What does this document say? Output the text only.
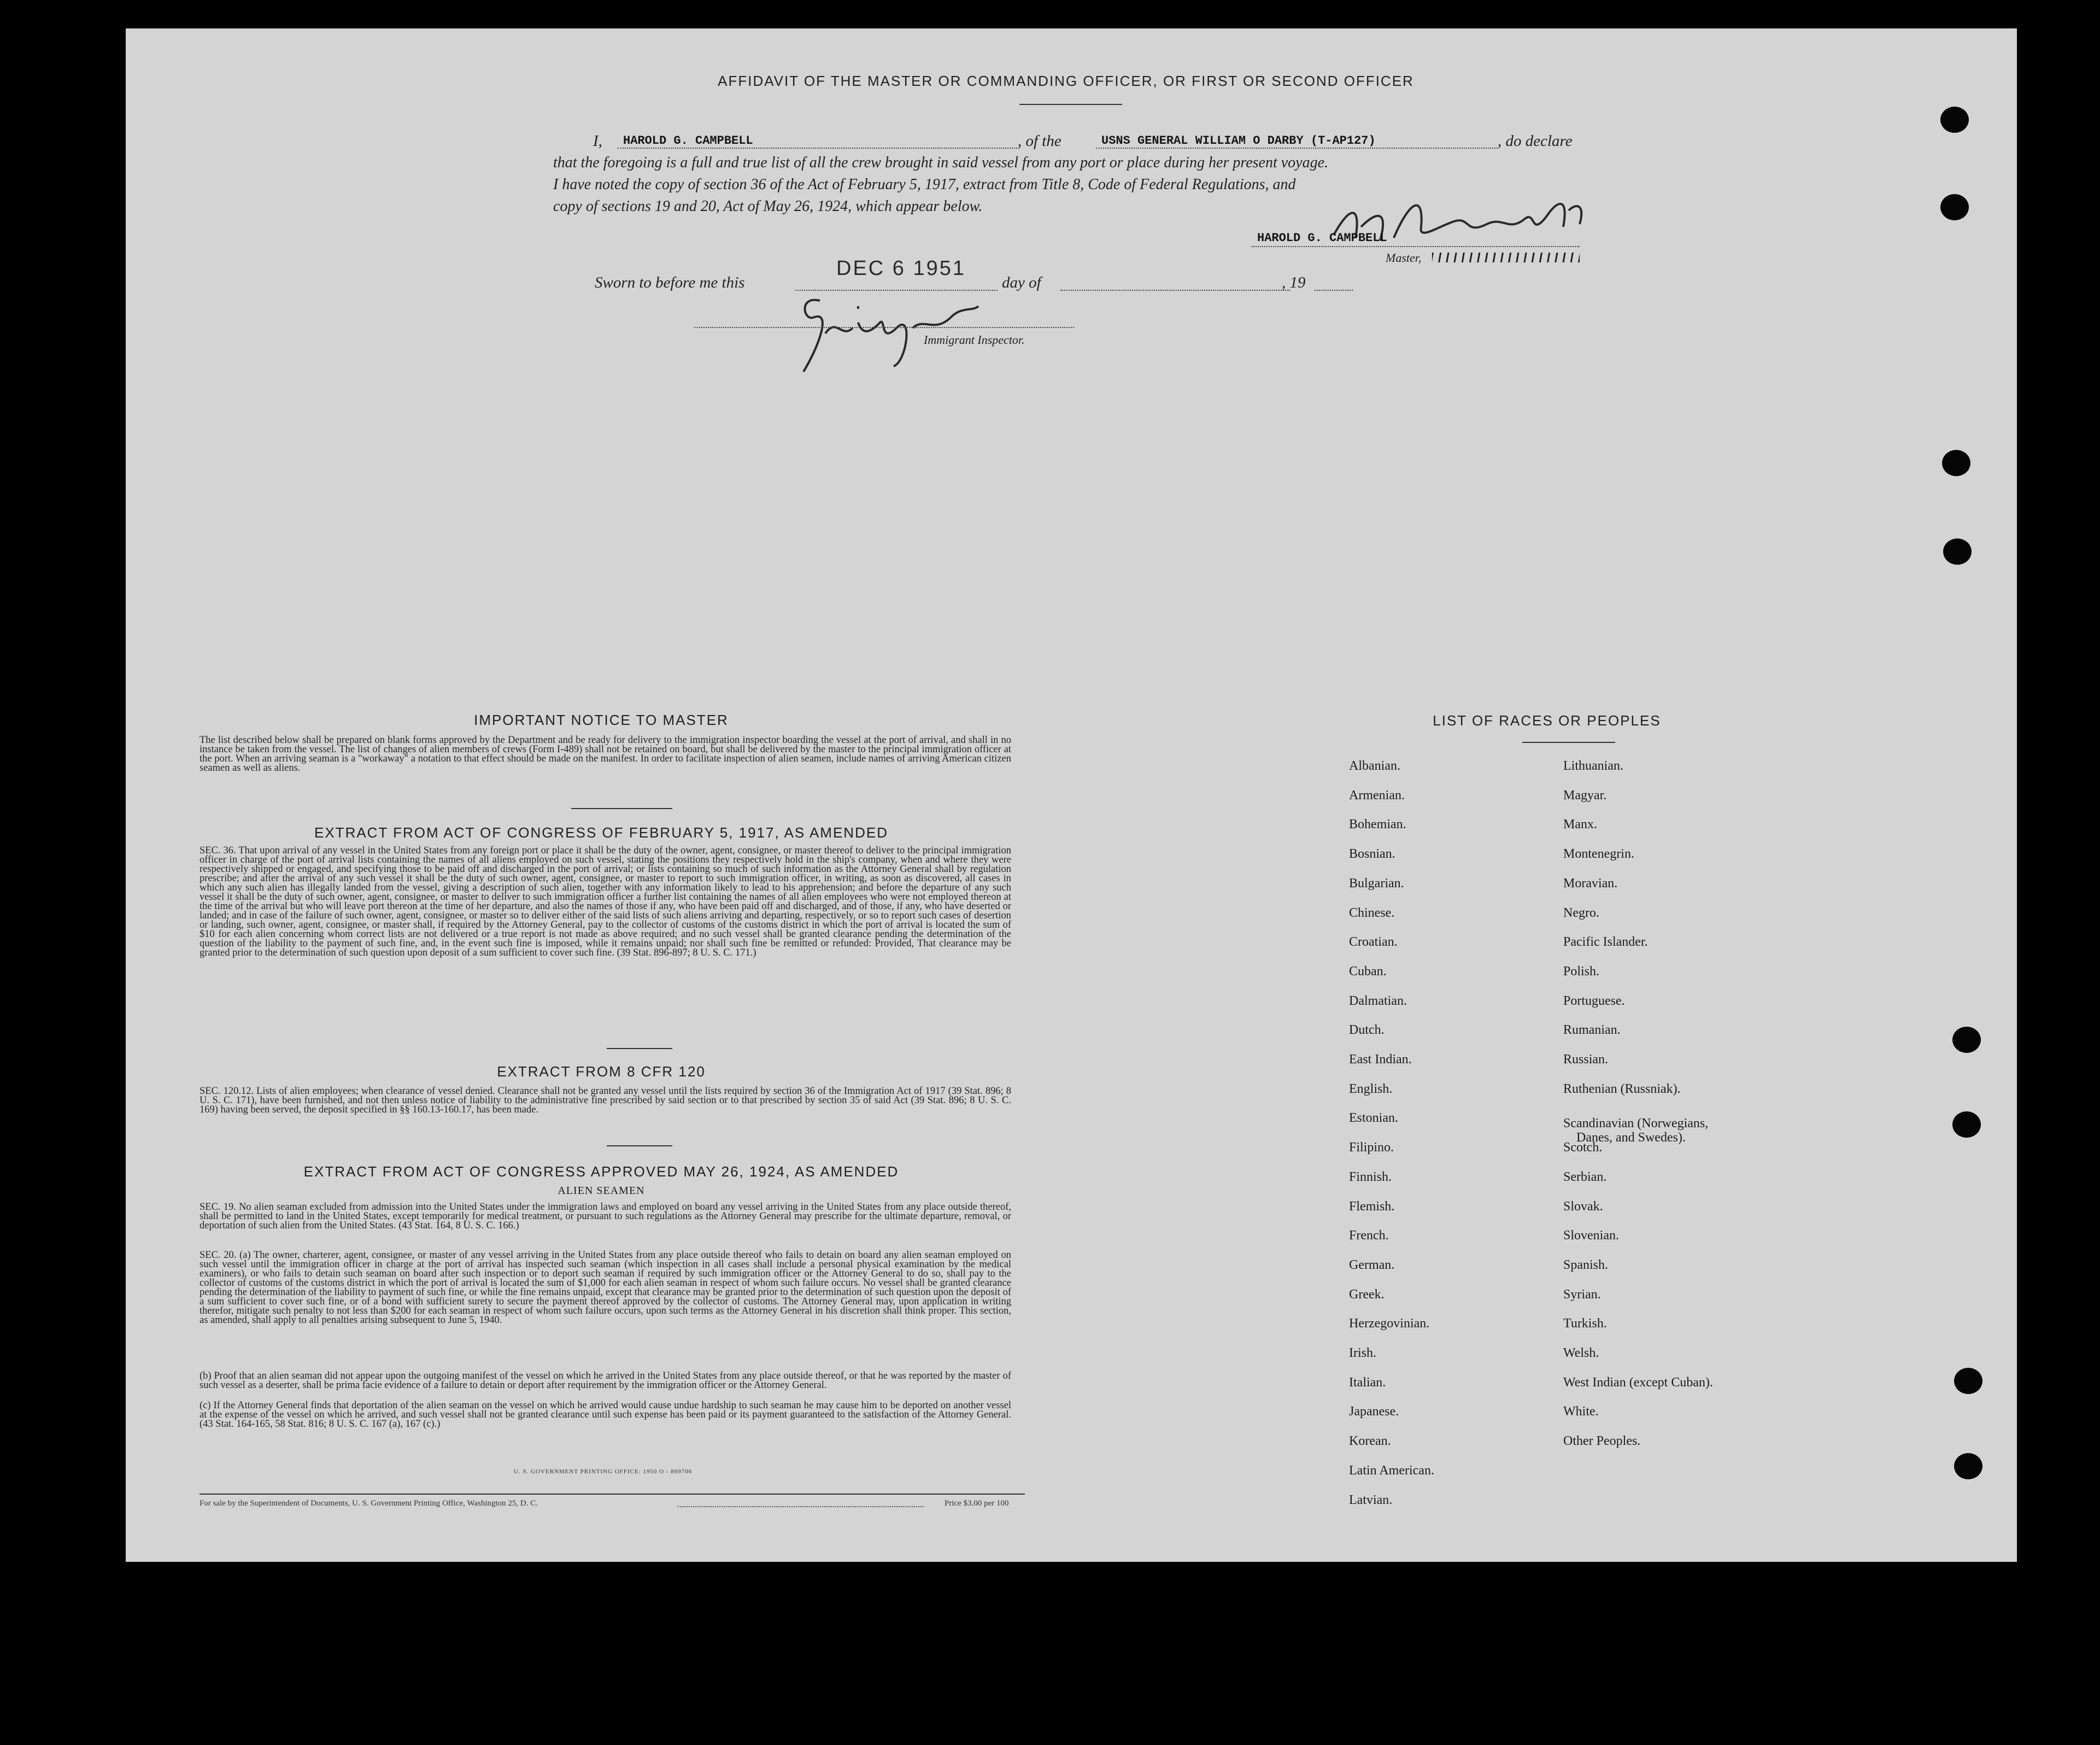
AFFIDAVIT OF THE MASTER OR COMMANDING OFFICER, OR FIRST OR SECOND OFFICER
I,	HAROLD G. CAMPBELL	, of the	USNS GENERAL WILLIAM O DARBY (T-AP127)	, do declare
that the foregoing is a full and true list of all the crew brought in said vessel from any port or place during her present voyage.
I have noted the copy of section 36 of the Act of February 5, 1917, extract from Title 8, Code of Federal Regulations, and
copy of sections 19 and 20, Act of May 26, 1924, which appear below.
HAROLD G. CAMPBELL
Master,
Sworn to before me this
DEC 6 1951
day of	, 19
Immigrant Inspector.
IMPORTANT NOTICE TO MASTER
The list described below shall be prepared on blank forms approved by the Department and be ready for delivery to the immigration inspector boarding the vessel at the port of arrival, and shall in no instance be taken from the vessel. The list of changes of alien members of crews (Form I-489) shall not be retained on board, but shall be delivered by the master to the principal immigration officer at the port. When an arriving seaman is a "workaway" a notation to that effect should be made on the manifest. In order to facilitate inspection of alien seamen, include names of arriving American citizen seamen as well as aliens.
EXTRACT FROM ACT OF CONGRESS OF FEBRUARY 5, 1917, AS AMENDED
SEC. 36. That upon arrival of any vessel in the United States from any foreign port or place it shall be the duty of the owner, agent, consignee, or master thereof to deliver to the principal immigration officer in charge of the port of arrival lists containing the names of all aliens employed on such vessel, stating the positions they respectively hold in the ship's company, when and where they were respectively shipped or engaged, and specifying those to be paid off and discharged in the port of arrival; or lists containing so much of such information as the Attorney General shall by regulation prescribe; and after the arrival of any such vessel it shall be the duty of such owner, agent, consignee, or master to report to such immigration officer, in writing, as soon as discovered, all cases in which any such alien has illegally landed from the vessel, giving a description of such alien, together with any information likely to lead to his apprehension; and before the departure of any such vessel it shall be the duty of such owner, agent, consignee, or master to deliver to such immigration officer a further list containing the names of all alien employees who were not employed thereon at the time of the arrival but who will leave port thereon at the time of her departure, and also the names of those if any, who have been paid off and discharged, and of those, if any, who have deserted or landed; and in case of the failure of such owner, agent, consignee, or master so to deliver either of the said lists of such aliens arriving and departing, respectively, or so to report such cases of desertion or landing, such owner, agent, consignee, or master shall, if required by the Attorney General, pay to the collector of customs of the customs district in which the port of arrival is located the sum of $10 for each alien concerning whom correct lists are not delivered or a true report is not made as above required; and no such vessel shall be granted clearance pending the determination of the question of the liability to the payment of such fine, and, in the event such fine is imposed, while it remains unpaid; nor shall such fine be remitted or refunded: Provided, That clearance may be granted prior to the determination of such question upon deposit of a sum sufficient to cover such fine. (39 Stat. 896-897; 8 U. S. C. 171.)
EXTRACT FROM 8 CFR 120
SEC. 120.12. Lists of alien employees; when clearance of vessel denied. Clearance shall not be granted any vessel until the lists required by section 36 of the Immigration Act of 1917 (39 Stat. 896; 8 U. S. C. 171), have been furnished, and not then unless notice of liability to the administrative fine prescribed by said section or to that prescribed by section 35 of said Act (39 Stat. 896; 8 U. S. C. 169) having been served, the deposit specified in §§ 160.13-160.17, has been made.
EXTRACT FROM ACT OF CONGRESS APPROVED MAY 26, 1924, AS AMENDED
ALIEN SEAMEN
SEC. 19. No alien seaman excluded from admission into the United States under the immigration laws and employed on board any vessel arriving in the United States from any place outside thereof, shall be permitted to land in the United States, except temporarily for medical treatment, or pursuant to such regulations as the Attorney General may prescribe for the ultimate departure, removal, or deportation of such alien from the United States. (43 Stat. 164, 8 U. S. C. 166.)
SEC. 20. (a) The owner, charterer, agent, consignee, or master of any vessel arriving in the United States from any place outside thereof who fails to detain on board any alien seaman employed on such vessel until the immigration officer in charge at the port of arrival has inspected such seaman (which inspection in all cases shall include a personal physical examination by the medical examiners), or who fails to detain such seaman on board after such inspection or to deport such seaman if required by such immigration officer or the Attorney General to do so, shall pay to the collector of customs of the customs district in which the port of arrival is located the sum of $1,000 for each alien seaman in respect of whom such failure occurs. No vessel shall be granted clearance pending the determination of the liability to payment of such fine, or while the fine remains unpaid, except that clearance may be granted prior to the determination of such question upon the deposit of a sum sufficient to cover such fine, or of a bond with sufficient surety to secure the payment thereof approved by the collector of customs. The Attorney General may, upon application in writing therefor, mitigate such penalty to not less than $200 for each seaman in respect of whom such failure occurs, upon such terms as the Attorney General in his discretion shall think proper. This section, as amended, shall apply to all penalties arising subsequent to June 5, 1940.
(b) Proof that an alien seaman did not appear upon the outgoing manifest of the vessel on which he arrived in the United States from any place outside thereof, or that he was reported by the master of such vessel as a deserter, shall be prima facie evidence of a failure to detain or deport after requirement by the immigration officer or the Attorney General.
(c) If the Attorney General finds that deportation of the alien seaman on the vessel on which he arrived would cause undue hardship to such seaman he may cause him to be deported on another vessel at the expense of the vessel on which he arrived, and such vessel shall not be granted clearance until such expense has been paid or its payment guaranteed to the satisfaction of the Attorney General. (43 Stat. 164-165, 58 Stat. 816; 8 U. S. C. 167 (a), 167 (c).)
U. S. GOVERNMENT PRINTING OFFICE: 1950 O - 869706
For sale by the Superintendent of Documents, U. S. Government Printing Office, Washington 25, D. C.	Price $3.00 per 100
LIST OF RACES OR PEOPLES
Albanian.
Armenian.
Bohemian.
Bosnian.
Bulgarian.
Chinese.
Croatian.
Cuban.
Dalmatian.
Dutch.
East Indian.
English.
Estonian.
Filipino.
Finnish.
Flemish.
French.
German.
Greek.
Herzegovinian.
Irish.
Italian.
Japanese.
Korean.
Latin American.
Latvian.
Lithuanian.
Magyar.
Manx.
Montenegrin.
Moravian.
Negro.
Pacific Islander.
Polish.
Portuguese.
Rumanian.
Russian.
Ruthenian (Russniak).
Scandinavian (Norwegians,
Danes, and Swedes).
Scotch.
Serbian.
Slovak.
Slovenian.
Spanish.
Syrian.
Turkish.
Welsh.
West Indian (except Cuban).
White.
Other Peoples.
